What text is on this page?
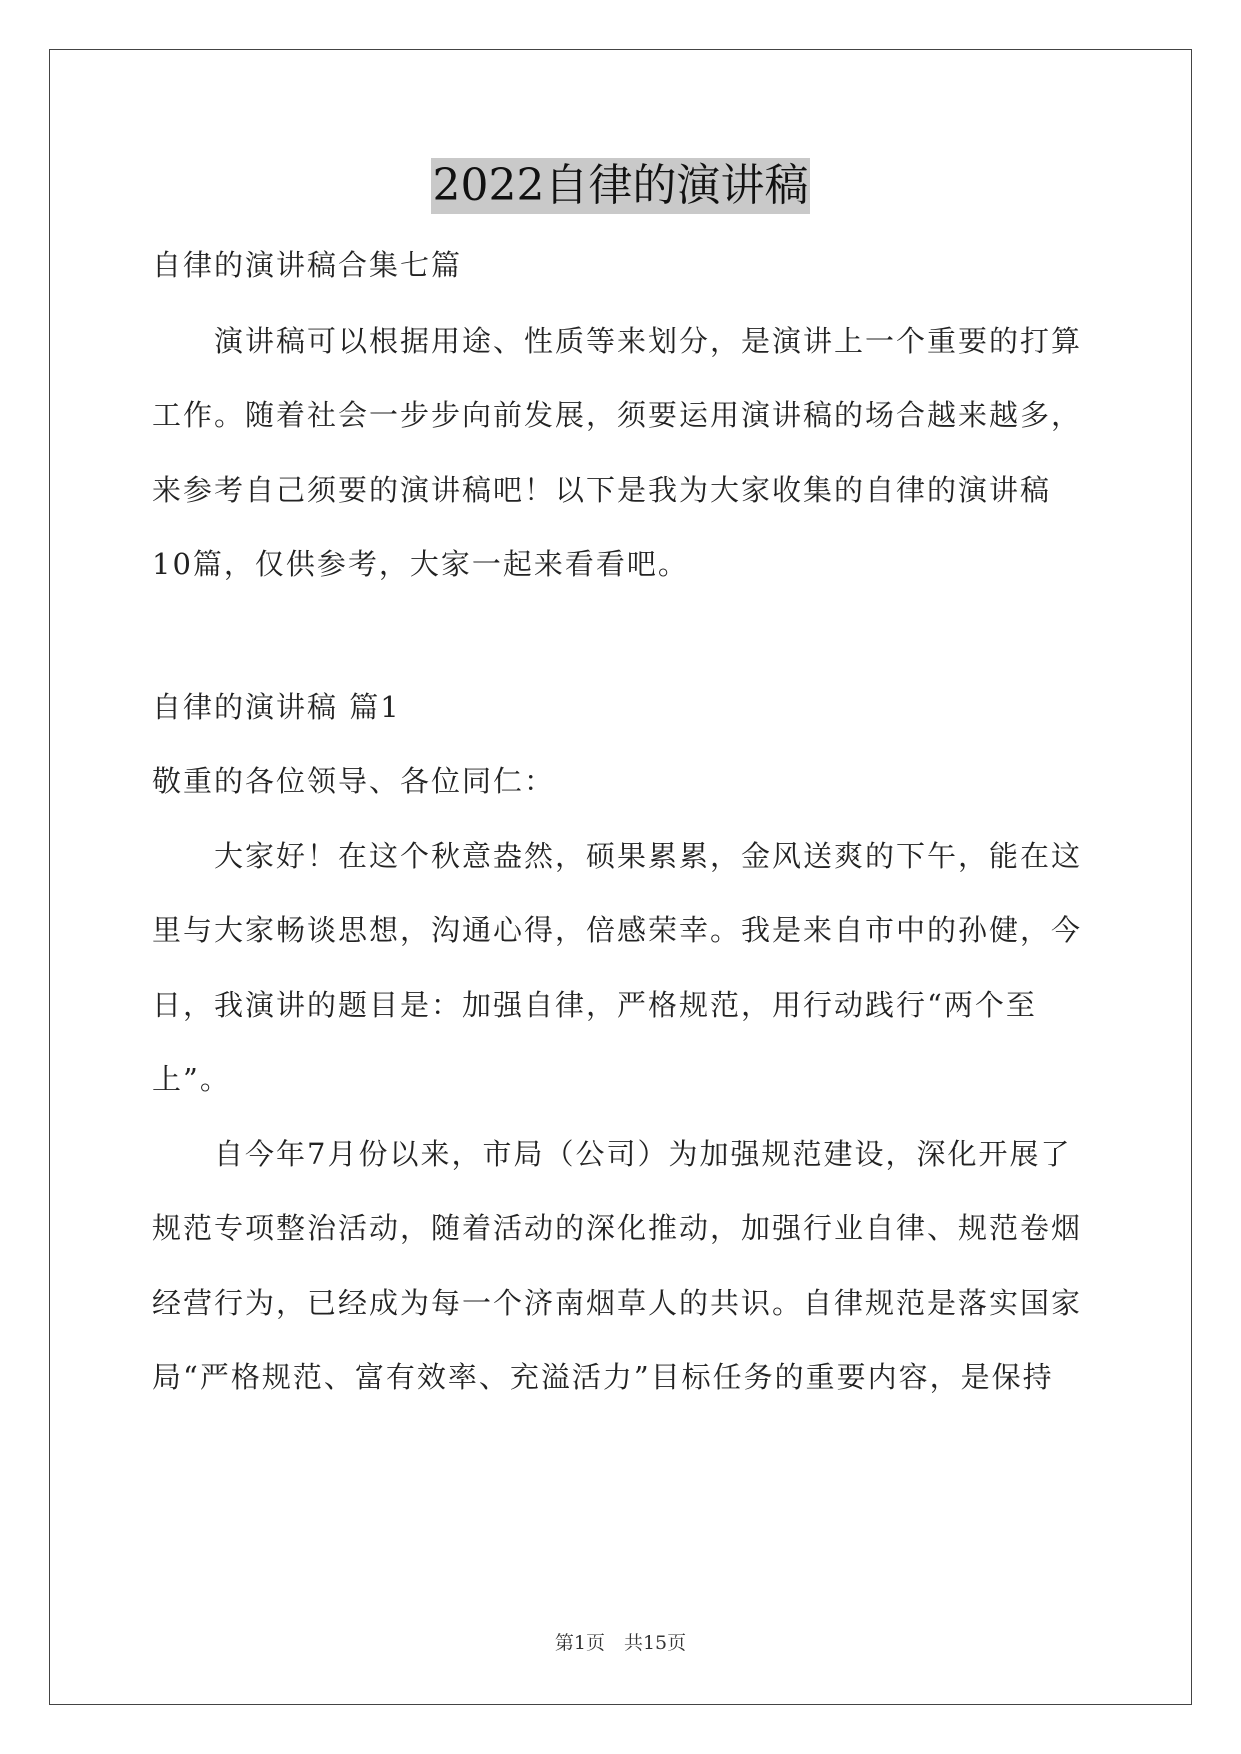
2022自律的演讲稿
自律的演讲稿合集七篇
演讲稿可以根据用途、性质等来划分，是演讲上一个重要的打算
工作。随着社会一步步向前发展，须要运用演讲稿的场合越来越多，
来参考自己须要的演讲稿吧！以下是我为大家收集的自律的演讲稿
10篇，仅供参考，大家一起来看看吧。
自律的演讲稿 篇1
敬重的各位领导、各位同仁：
大家好！在这个秋意盎然，硕果累累，金风送爽的下午，能在这
里与大家畅谈思想，沟通心得，倍感荣幸。我是来自市中的孙健，今
日，我演讲的题目是：加强自律，严格规范，用行动践行“两个至
上”。
自今年7月份以来，市局（公司）为加强规范建设，深化开展了
规范专项整治活动，随着活动的深化推动，加强行业自律、规范卷烟
经营行为，已经成为每一个济南烟草人的共识。自律规范是落实国家
局“严格规范、富有效率、充溢活力”目标任务的重要内容，是保持
第1页　共15页
